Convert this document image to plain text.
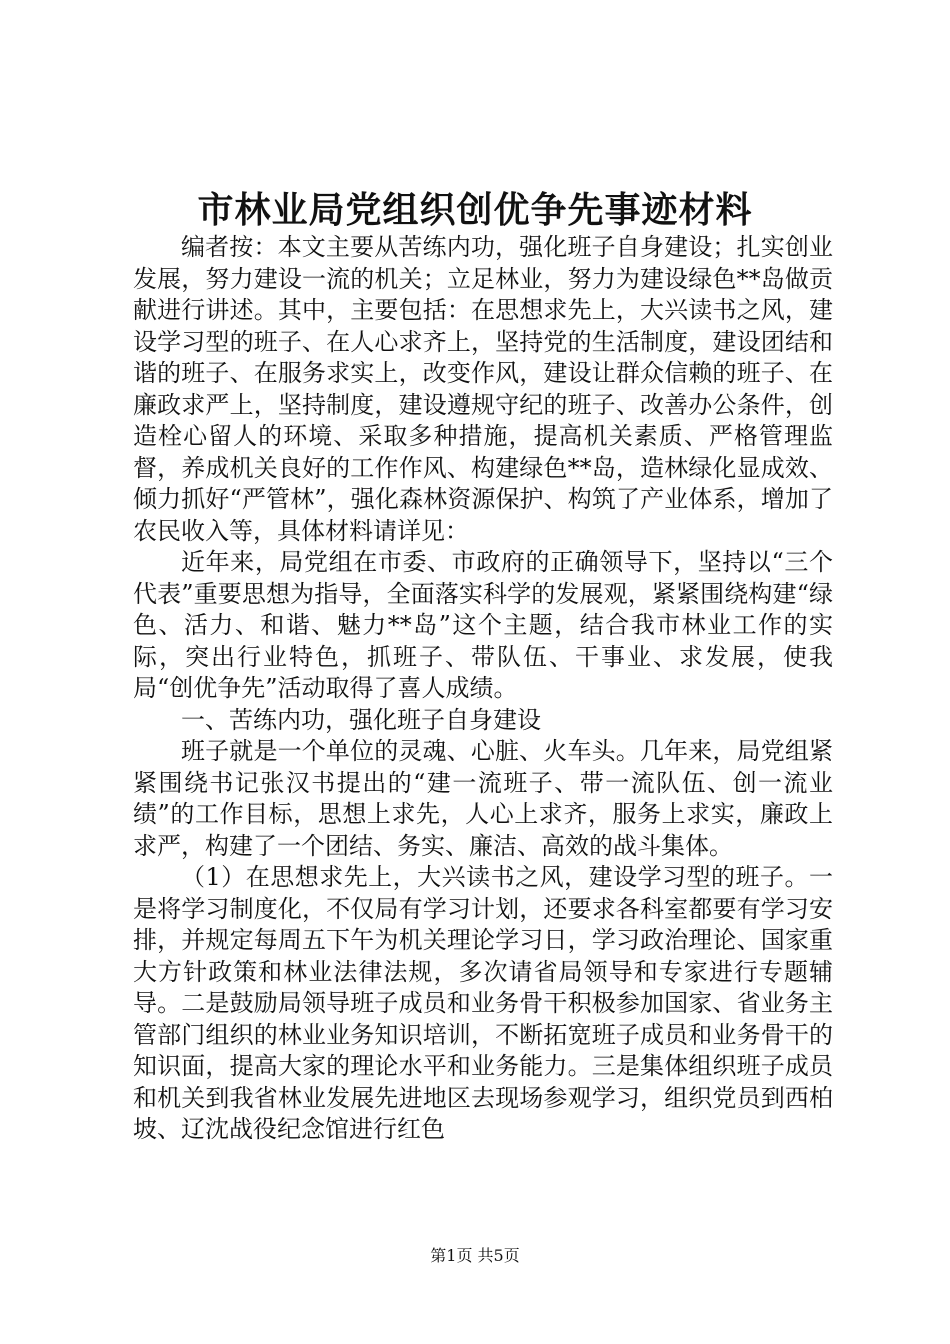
市林业局党组织创优争先事迹材料

编者按：本文主要从苦练内功，强化班子自身建设；扎实创业发展，努力建设一流的机关；立足林业，努力为建设绿色**岛做贡献进行讲述。其中，主要包括：在思想求先上，大兴读书之风，建设学习型的班子、在人心求齐上，坚持党的生活制度，建设团结和谐的班子、在服务求实上，改变作风，建设让群众信赖的班子、在廉政求严上，坚持制度，建设遵规守纪的班子、改善办公条件，创造栓心留人的环境、采取多种措施，提高机关素质、严格管理监督，养成机关良好的工作作风、构建绿色**岛，造林绿化显成效、倾力抓好“严管林”，强化森林资源保护、构筑了产业体系，增加了农民收入等，具体材料请详见：

近年来，局党组在市委、市政府的正确领导下，坚持以“三个代表”重要思想为指导，全面落实科学的发展观，紧紧围绕构建“绿色、活力、和谐、魅力**岛”这个主题，结合我市林业工作的实际，突出行业特色，抓班子、带队伍、干事业、求发展，使我局“创优争先”活动取得了喜人成绩。

一、苦练内功，强化班子自身建设

班子就是一个单位的灵魂、心脏、火车头。几年来，局党组紧紧围绕书记张汉书提出的“建一流班子、带一流队伍、创一流业绩”的工作目标，思想上求先，人心上求齐，服务上求实，廉政上求严，构建了一个团结、务实、廉洁、高效的战斗集体。

（1）在思想求先上，大兴读书之风，建设学习型的班子。一是将学习制度化，不仅局有学习计划，还要求各科室都要有学习安排，并规定每周五下午为机关理论学习日，学习政治理论、国家重大方针政策和林业法律法规，多次请省局领导和专家进行专题辅导。二是鼓励局领导班子成员和业务骨干积极参加国家、省业务主管部门组织的林业业务知识培训，不断拓宽班子成员和业务骨干的知识面，提高大家的理论水平和业务能力。三是集体组织班子成员和机关到我省林业发展先进地区去现场参观学习，组织党员到西柏坡、辽沈战役纪念馆进行红色

第1页 共5页
